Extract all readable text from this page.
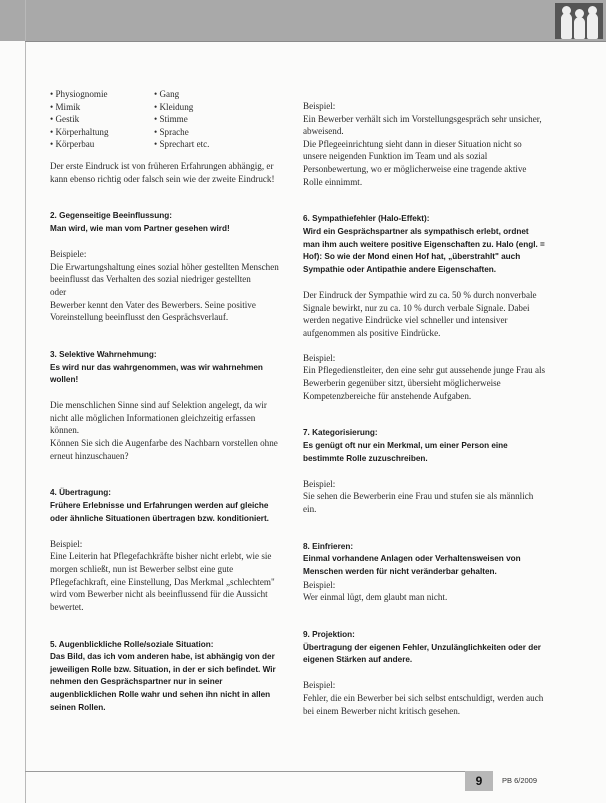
• Physiognomie
• Mimik
• Gestik
• Körperhaltung
• Körperbau
• Gang
• Kleidung
• Stimme
• Sprache
• Sprechart etc.

Der erste Eindruck ist von früheren Erfahrungen abhängig, er kann ebenso richtig oder falsch sein wie der zweite Eindruck!

2. Gegenseitige Beeinflussung:

Man wird, wie man vom Partner gesehen wird!

Beispiele:

Die Erwartungshaltung eines sozial höher gestellten Menschen beeinflusst das Verhalten des sozial niedriger gestellten

oder

Bewerber kennt den Vater des Bewerbers. Seine positive Voreinstellung beeinflusst den Gesprächsverlauf.

3. Selektive Wahrnehmung:

Es wird nur das wahrgenommen, was wir wahrnehmen wollen!

Die menschlichen Sinne sind auf Selektion angelegt, da wir nicht alle möglichen Informationen gleichzeitig erfassen können.

Können Sie sich die Augenfarbe des Nachbarn vorstellen ohne erneut hinzuschauen?

4. Übertragung:

Frühere Erlebnisse und Erfahrungen werden auf gleiche oder ähnliche Situationen übertragen bzw. konditioniert.

Beispiel:

Eine Leiterin hat Pflegefachkräfte bisher nicht erlebt, wie sie morgen schließt, nun ist Bewerber selbst eine gute Pflegefachkraft, eine Einstellung, Das Merkmal „schlechtem" wird vom Bewerber nicht als beeinflussend für die Aussicht bewertet.

5. Augenblickliche Rolle/soziale Situation:

Das Bild, das ich vom anderen habe, ist abhängig von der jeweiligen Rolle bzw. Situation, in der er sich befindet. Wir nehmen den Gesprächspartner nur in seiner augenblicklichen Rolle wahr und sehen ihn nicht in allen seinen Rollen.

Beispiel:

Ein Bewerber verhält sich im Vorstellungsgespräch sehr unsicher, abweisend.

Die Pflegeeinrichtung sieht dann in dieser Situation nicht so unsere neigenden Funktion im Team und als sozial Personbewertung, wo er möglicherweise eine tragende aktive Rolle einnimmt.

6. Sympathiefehler (Halo-Effekt):

Wird ein Gesprächspartner als sympathisch erlebt, ordnet man ihm auch weitere positive Eigenschaften zu. Halo (engl. = Hof): So wie der Mond einen Hof hat, „überstrahlt" auch Sympathie oder Antipathie andere Eigenschaften.

Der Eindruck der Sympathie wird zu ca. 50 % durch nonverbale Signale bewirkt, nur zu ca. 10 % durch verbale Signale. Dabei werden negative Eindrücke viel schneller und intensiver aufgenommen als positive Eindrücke.

Beispiel:

Ein Pflegedienstleiter, den eine sehr gut aussehende junge Frau als Bewerberin gegenüber sitzt, übersieht möglicherweise Kompetenzbereiche für anstehende Aufgaben.

7. Kategorisierung:

Es genügt oft nur ein Merkmal, um einer Person eine bestimmte Rolle zuzuschreiben.

Beispiel:

Sie sehen die Bewerberin eine Frau und stufen sie als männlich ein.

8. Einfrieren:

Einmal vorhandene Anlagen oder Verhaltensweisen von Menschen werden für nicht veränderbar gehalten.

Beispiel:

Wer einmal lügt, dem glaubt man nicht.

9. Projektion:

Übertragung der eigenen Fehler, Unzulänglichkeiten oder der eigenen Stärken auf andere.

Beispiel:

Fehler, die ein Bewerber bei sich selbst entschuldigt, werden auch bei einem Bewerber nicht kritisch gesehen.

9	PB 6/2009
